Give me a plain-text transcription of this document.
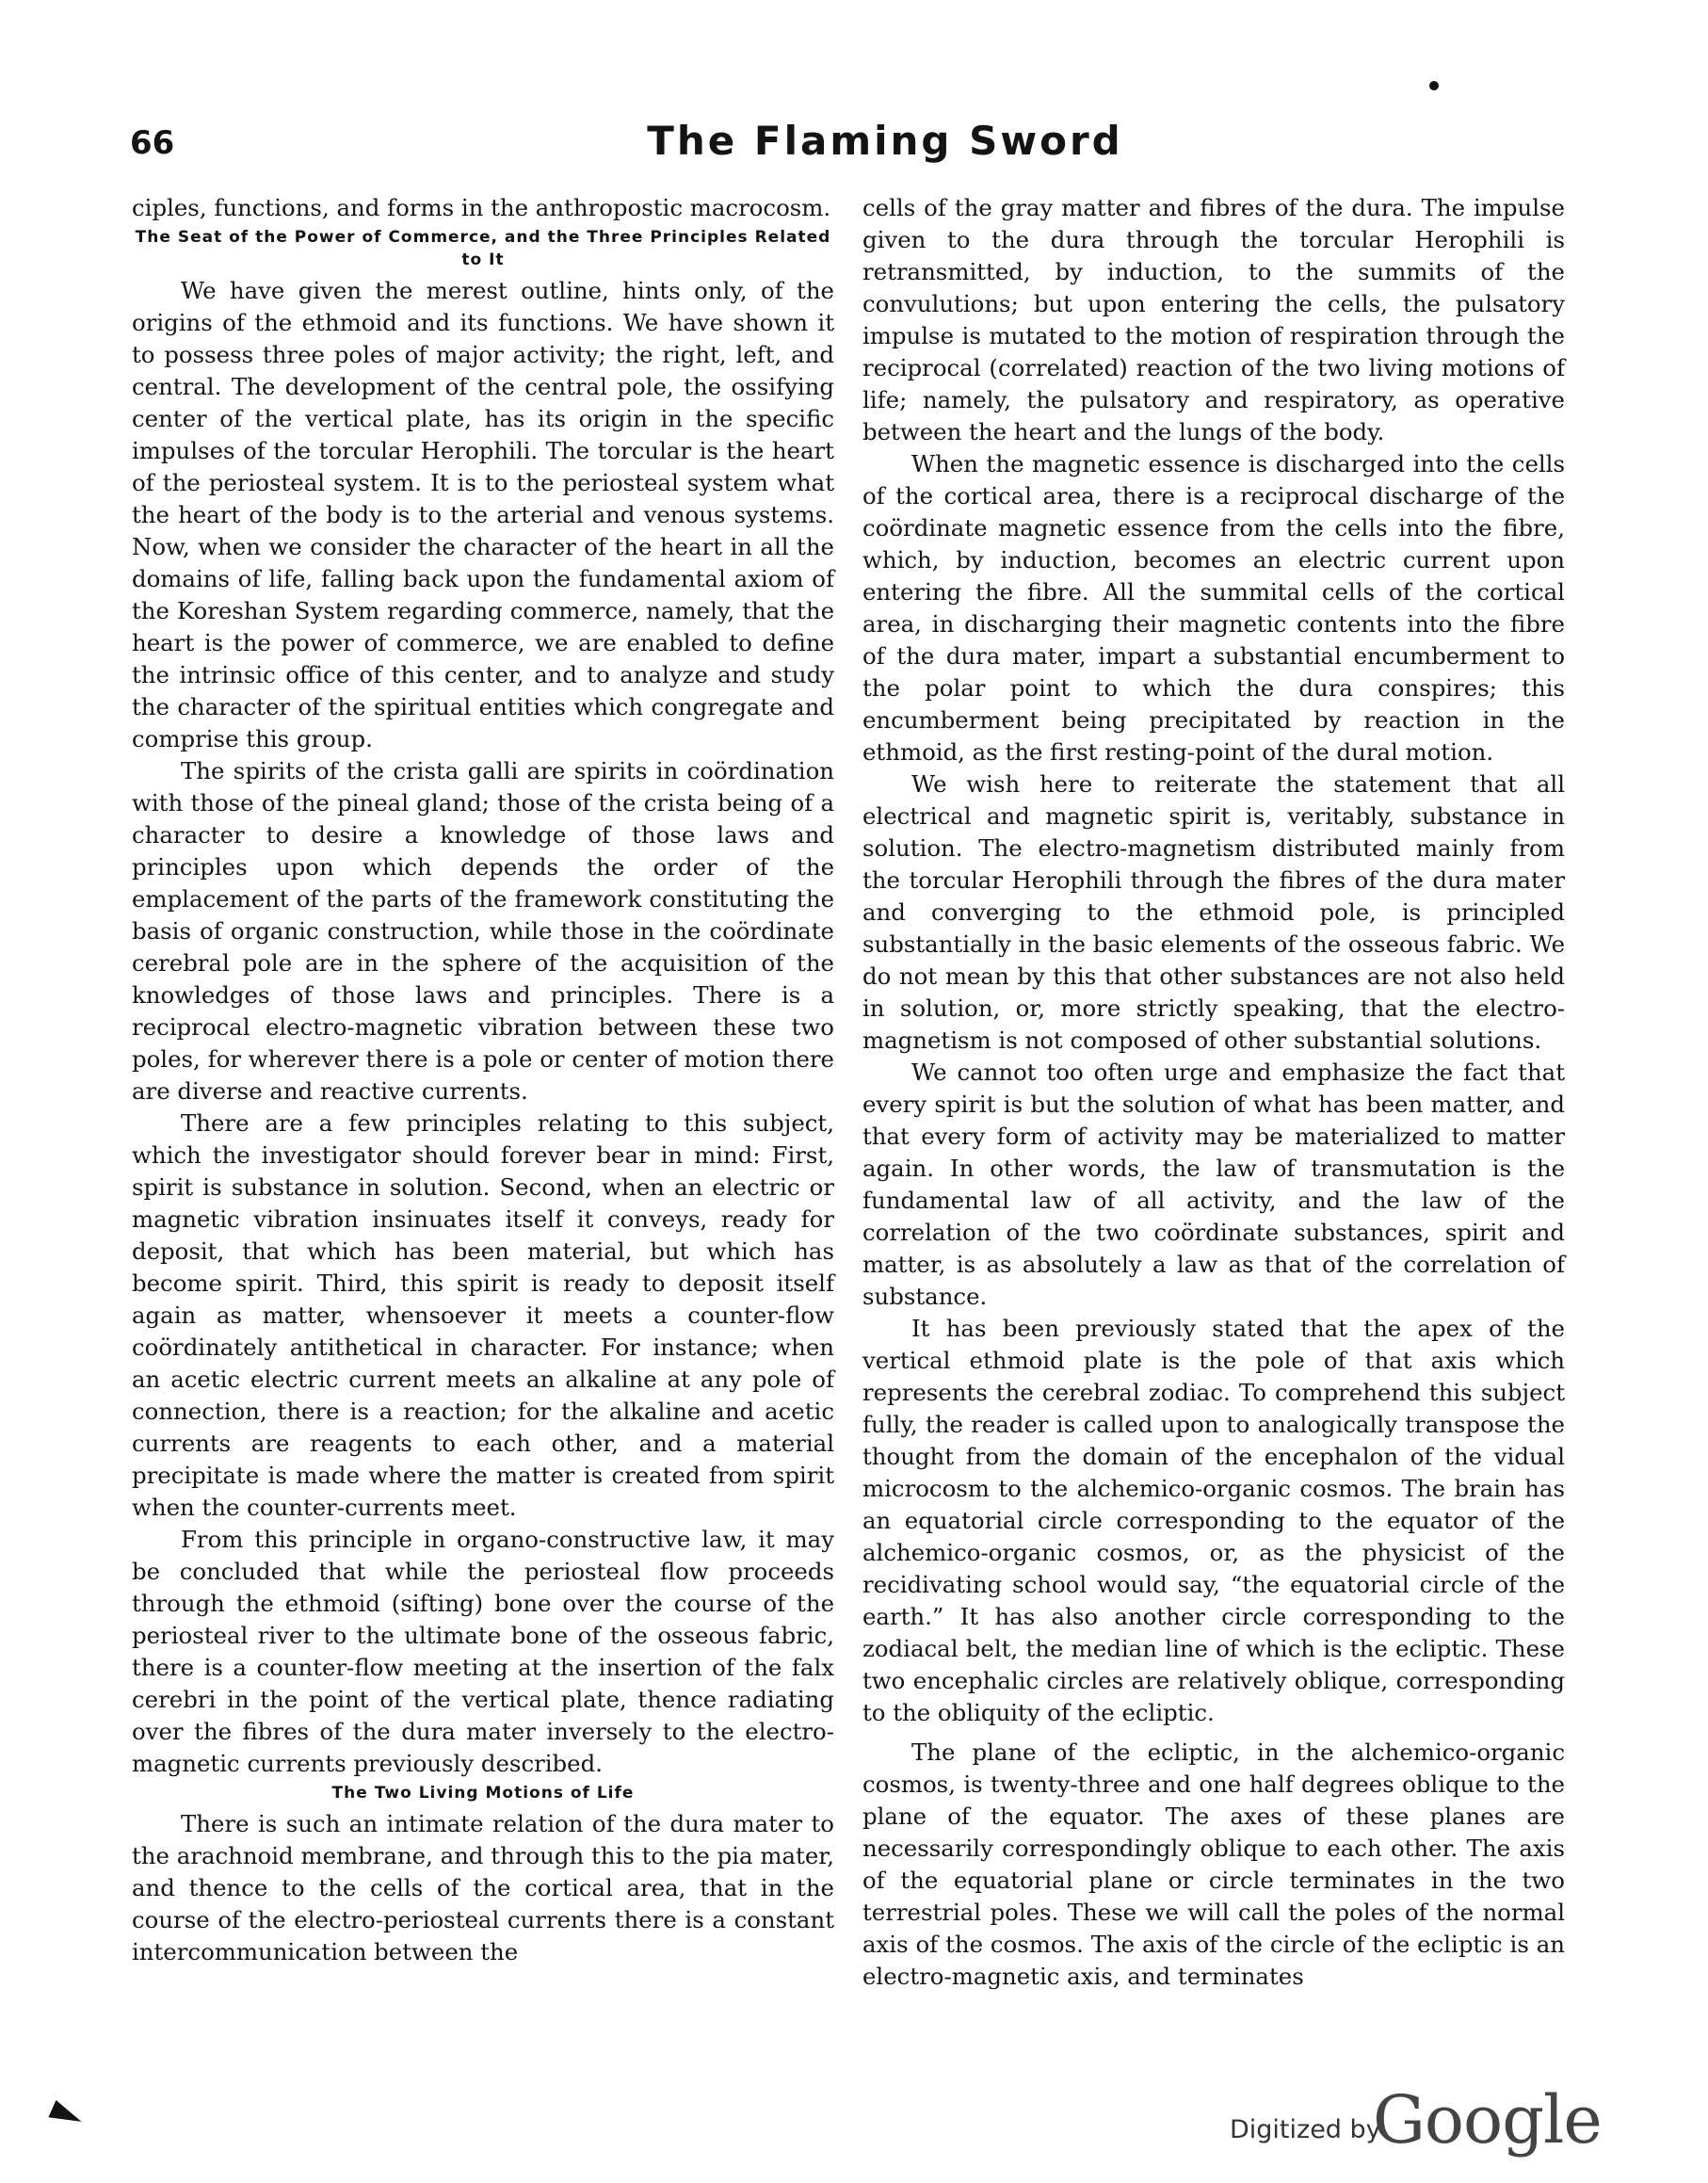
66	The Flaming Sword

ciples, functions, and forms in the anthropostic macrocosm.

The Seat of the Power of Commerce, and the Three Principles Related to It

We have given the merest outline, hints only, of the origins of the ethmoid and its functions. We have shown it to possess three poles of major activity; the right, left, and central. The development of the central pole, the ossifying center of the vertical plate, has its origin in the specific impulses of the torcular Herophili. The torcular is the heart of the periosteal system. It is to the periosteal system what the heart of the body is to the arterial and venous systems. Now, when we consider the character of the heart in all the domains of life, falling back upon the fundamental axiom of the Koreshan System regarding commerce, namely, that the heart is the power of commerce, we are enabled to define the intrinsic office of this center, and to analyze and study the character of the spiritual entities which congregate and comprise this group.

The spirits of the crista galli are spirits in coördination with those of the pineal gland; those of the crista being of a character to desire a knowledge of those laws and principles upon which depends the order of the emplacement of the parts of the framework constituting the basis of organic construction, while those in the coördinate cerebral pole are in the sphere of the acquisition of the knowledges of those laws and principles. There is a reciprocal electro-magnetic vibration between these two poles, for wherever there is a pole or center of motion there are diverse and reactive currents.

There are a few principles relating to this subject, which the investigator should forever bear in mind: First, spirit is substance in solution. Second, when an electric or magnetic vibration insinuates itself it conveys, ready for deposit, that which has been material, but which has become spirit. Third, this spirit is ready to deposit itself again as matter, whensoever it meets a counter-flow coördinately antithetical in character. For instance; when an acetic electric current meets an alkaline at any pole of connection, there is a reaction; for the alkaline and acetic currents are reagents to each other, and a material precipitate is made where the matter is created from spirit when the counter-currents meet.

From this principle in organo-constructive law, it may be concluded that while the periosteal flow proceeds through the ethmoid (sifting) bone over the course of the periosteal river to the ultimate bone of the osseous fabric, there is a counter-flow meeting at the insertion of the falx cerebri in the point of the vertical plate, thence radiating over the fibres of the dura mater inversely to the electro-magnetic currents previously described.

The Two Living Motions of Life

There is such an intimate relation of the dura mater to the arachnoid membrane, and through this to the pia mater, and thence to the cells of the cortical area, that in the course of the electro-periosteal currents there is a constant intercommunication between the

cells of the gray matter and fibres of the dura. The impulse given to the dura through the torcular Herophili is retransmitted, by induction, to the summits of the convulutions; but upon entering the cells, the pulsatory impulse is mutated to the motion of respiration through the reciprocal (correlated) reaction of the two living motions of life; namely, the pulsatory and respiratory, as operative between the heart and the lungs of the body.

When the magnetic essence is discharged into the cells of the cortical area, there is a reciprocal discharge of the coördinate magnetic essence from the cells into the fibre, which, by induction, becomes an electric current upon entering the fibre. All the summital cells of the cortical area, in discharging their magnetic contents into the fibre of the dura mater, impart a substantial encumberment to the polar point to which the dura conspires; this encumberment being precipitated by reaction in the ethmoid, as the first resting-point of the dural motion.

We wish here to reiterate the statement that all electrical and magnetic spirit is, veritably, substance in solution. The electro-magnetism distributed mainly from the torcular Herophili through the fibres of the dura mater and converging to the ethmoid pole, is principled substantially in the basic elements of the osseous fabric. We do not mean by this that other substances are not also held in solution, or, more strictly speaking, that the electro-magnetism is not composed of other substantial solutions.

We cannot too often urge and emphasize the fact that every spirit is but the solution of what has been matter, and that every form of activity may be materialized to matter again. In other words, the law of transmutation is the fundamental law of all activity, and the law of the correlation of the two coördinate substances, spirit and matter, is as absolutely a law as that of the correlation of substance.

It has been previously stated that the apex of the vertical ethmoid plate is the pole of that axis which represents the cerebral zodiac. To comprehend this subject fully, the reader is called upon to analogically transpose the thought from the domain of the encephalon of the vidual microcosm to the alchemico-organic cosmos. The brain has an equatorial circle corresponding to the equator of the alchemico-organic cosmos, or, as the physicist of the recidivating school would say, “the equatorial circle of the earth.” It has also another circle corresponding to the zodiacal belt, the median line of which is the ecliptic. These two encephalic circles are relatively oblique, corresponding to the obliquity of the ecliptic.

The plane of the ecliptic, in the alchemico-organic cosmos, is twenty-three and one half degrees oblique to the plane of the equator. The axes of these planes are necessarily correspondingly oblique to each other. The axis of the equatorial plane or circle terminates in the two terrestrial poles. These we will call the poles of the normal axis of the cosmos. The axis of the circle of the ecliptic is an electro-magnetic axis, and terminates

Digitized by
Google
